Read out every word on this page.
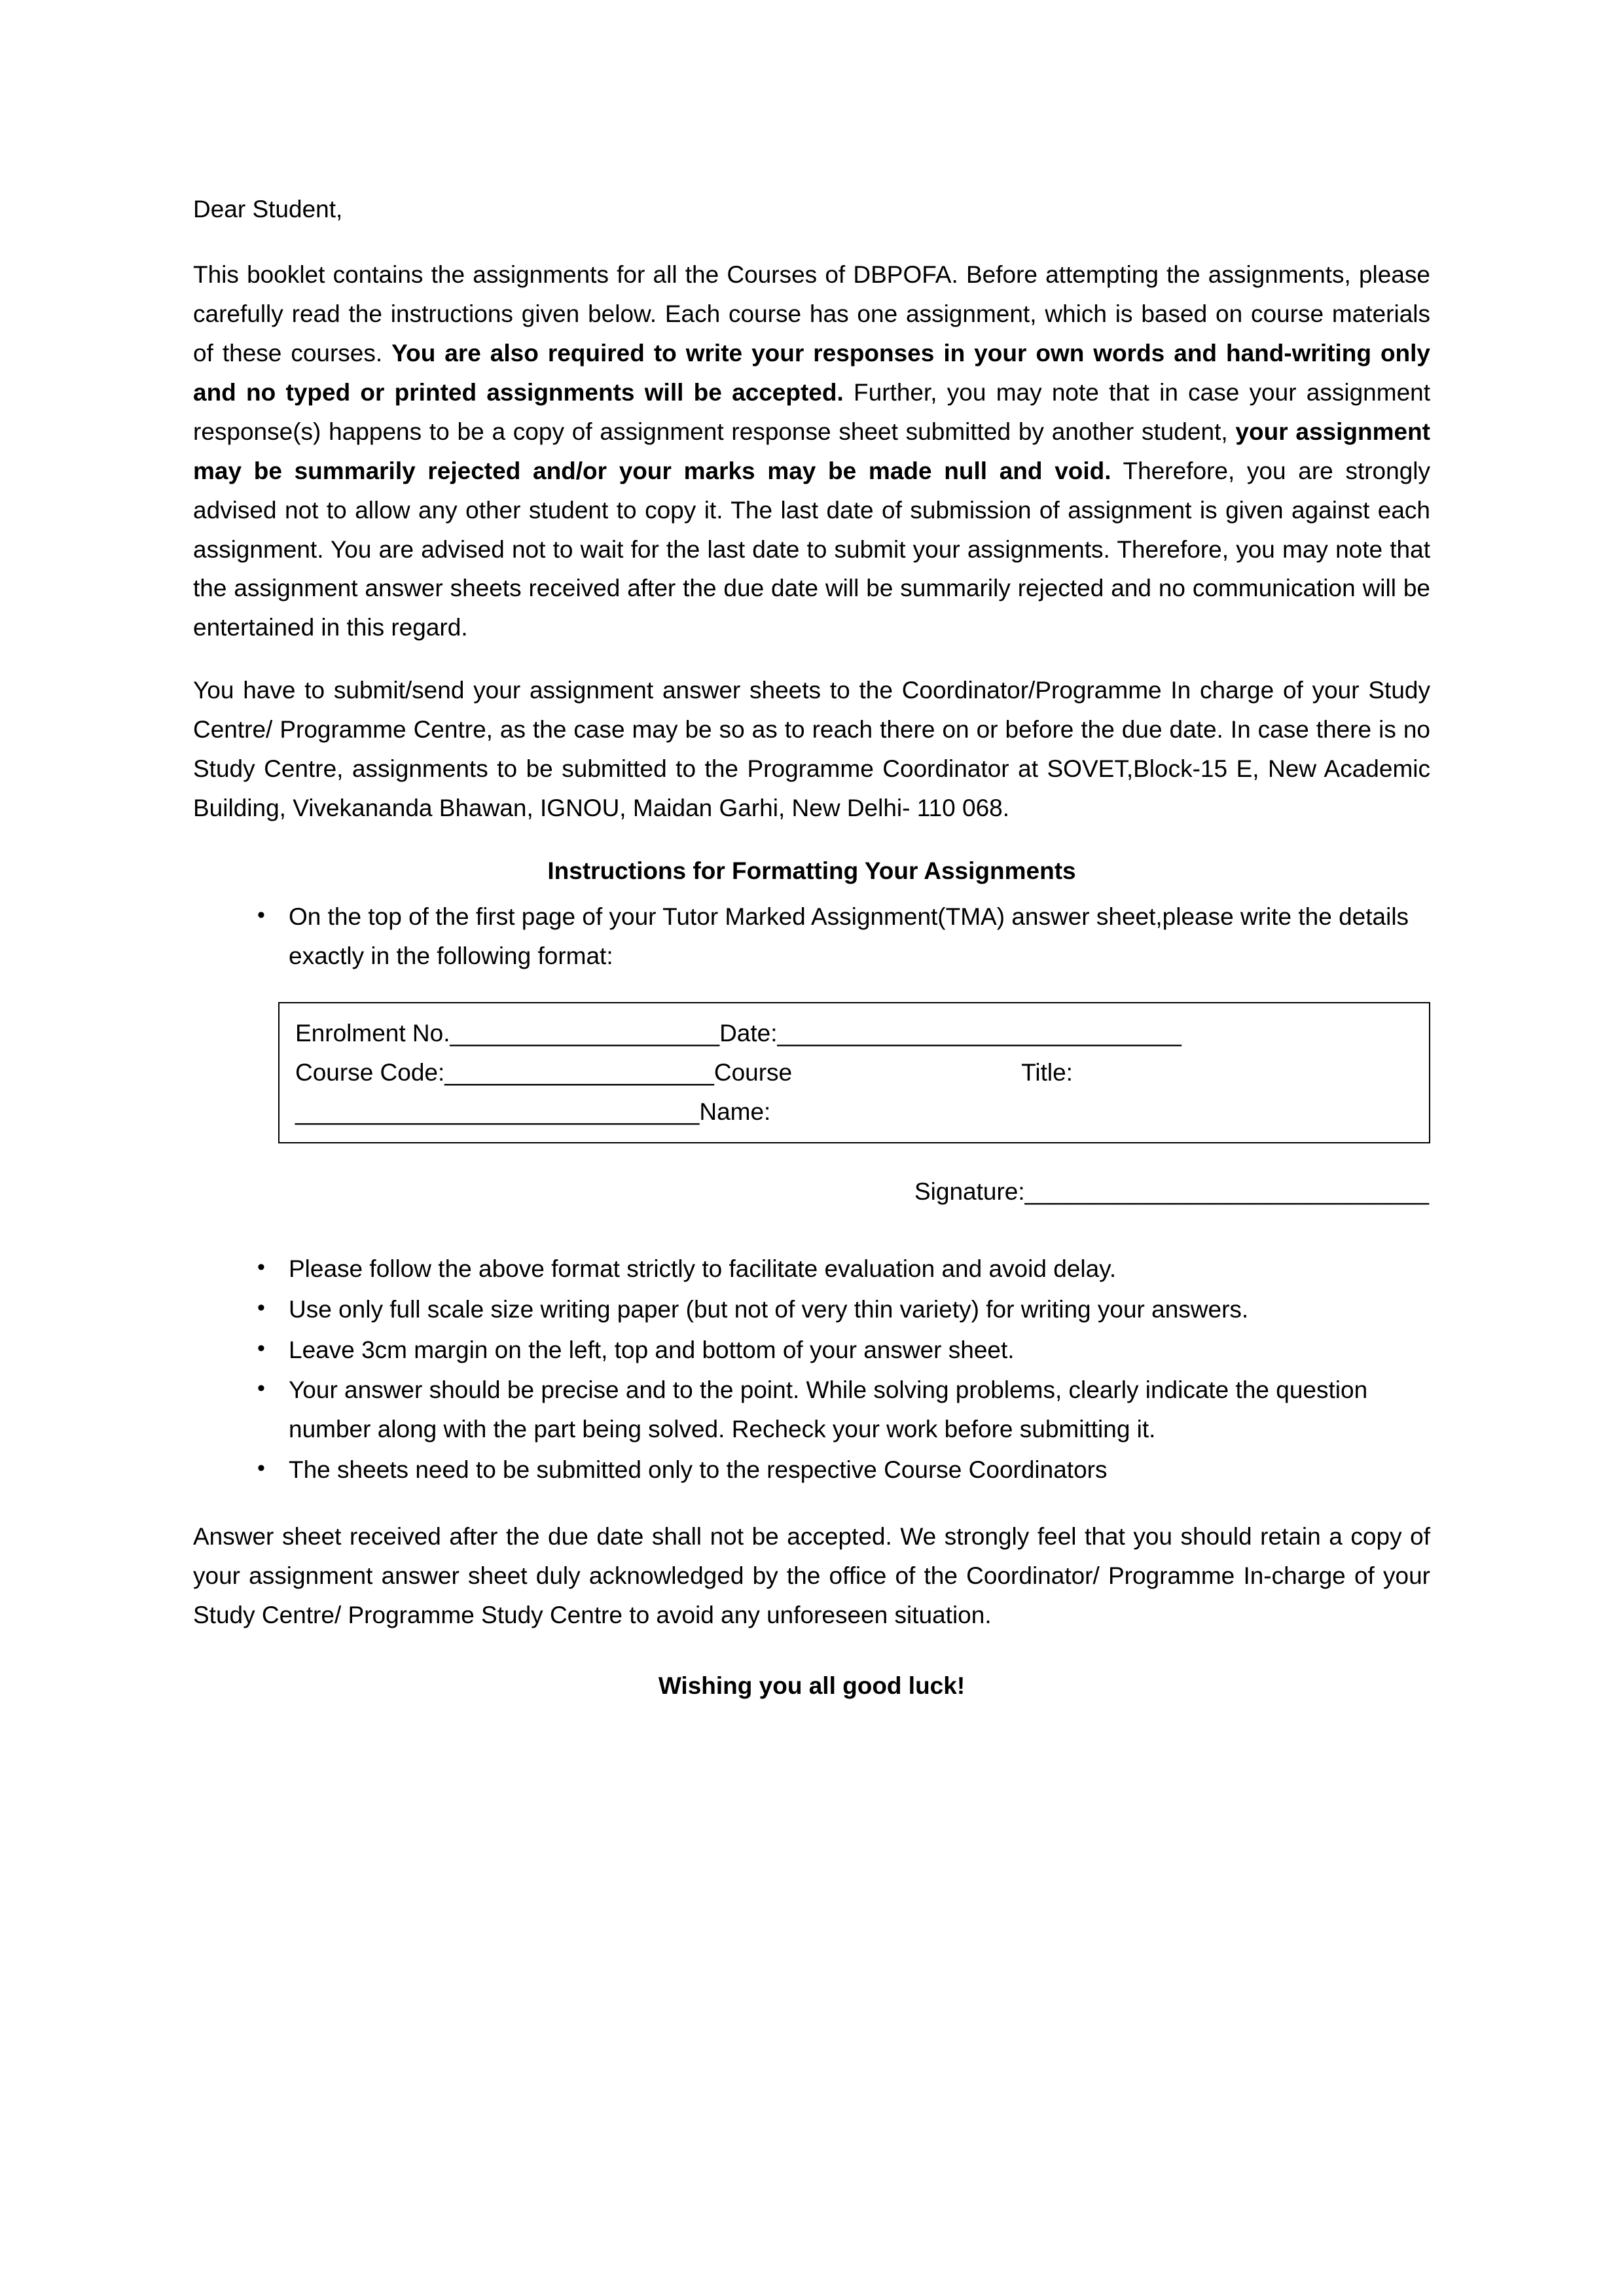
Dear Student,

This booklet contains the assignments for all the Courses of DBPOFA. Before attempting the assignments, please carefully read the instructions given below. Each course has one assignment, which is based on course materials of these courses. You are also required to write your responses in your own words and hand-writing only and no typed or printed assignments will be accepted. Further, you may note that in case your assignment response(s) happens to be a copy of assignment response sheet submitted by another student, your assignment may be summarily rejected and/or your marks may be made null and void. Therefore, you are strongly advised not to allow any other student to copy it. The last date of submission of assignment is given against each assignment. You are advised not to wait for the last date to submit your assignments. Therefore, you may note that the assignment answer sheets received after the due date will be summarily rejected and no communication will be entertained in this regard.

You have to submit/send your assignment answer sheets to the Coordinator/Programme In charge of your Study Centre/ Programme Centre, as the case may be so as to reach there on or before the due date. In case there is no Study Centre, assignments to be submitted to the Programme Coordinator at SOVET,Block-15 E, New Academic Building, Vivekananda Bhawan, IGNOU, Maidan Garhi, New Delhi- 110 068.

Instructions for Formatting Your Assignments
• On the top of the first page of your Tutor Marked Assignment(TMA) answer sheet,please write the details exactly in the following format:
Enrolment No.____________________Date:______________________________
Course Code:____________________Course	Title:
______________________________Name:
Signature:______________________________
• Please follow the above format strictly to facilitate evaluation and avoid delay.
• Use only full scale size writing paper (but not of very thin variety) for writing your answers.
• Leave 3cm margin on the left, top and bottom of your answer sheet.
• Your answer should be precise and to the point. While solving problems, clearly indicate the question number along with the part being solved. Recheck your work before submitting it.
• The sheets need to be submitted only to the respective Course Coordinators

Answer sheet received after the due date shall not be accepted. We strongly feel that you should retain a copy of your assignment answer sheet duly acknowledged by the office of the Coordinator/ Programme In-charge of your Study Centre/ Programme Study Centre to avoid any unforeseen situation.

Wishing you all good luck!
